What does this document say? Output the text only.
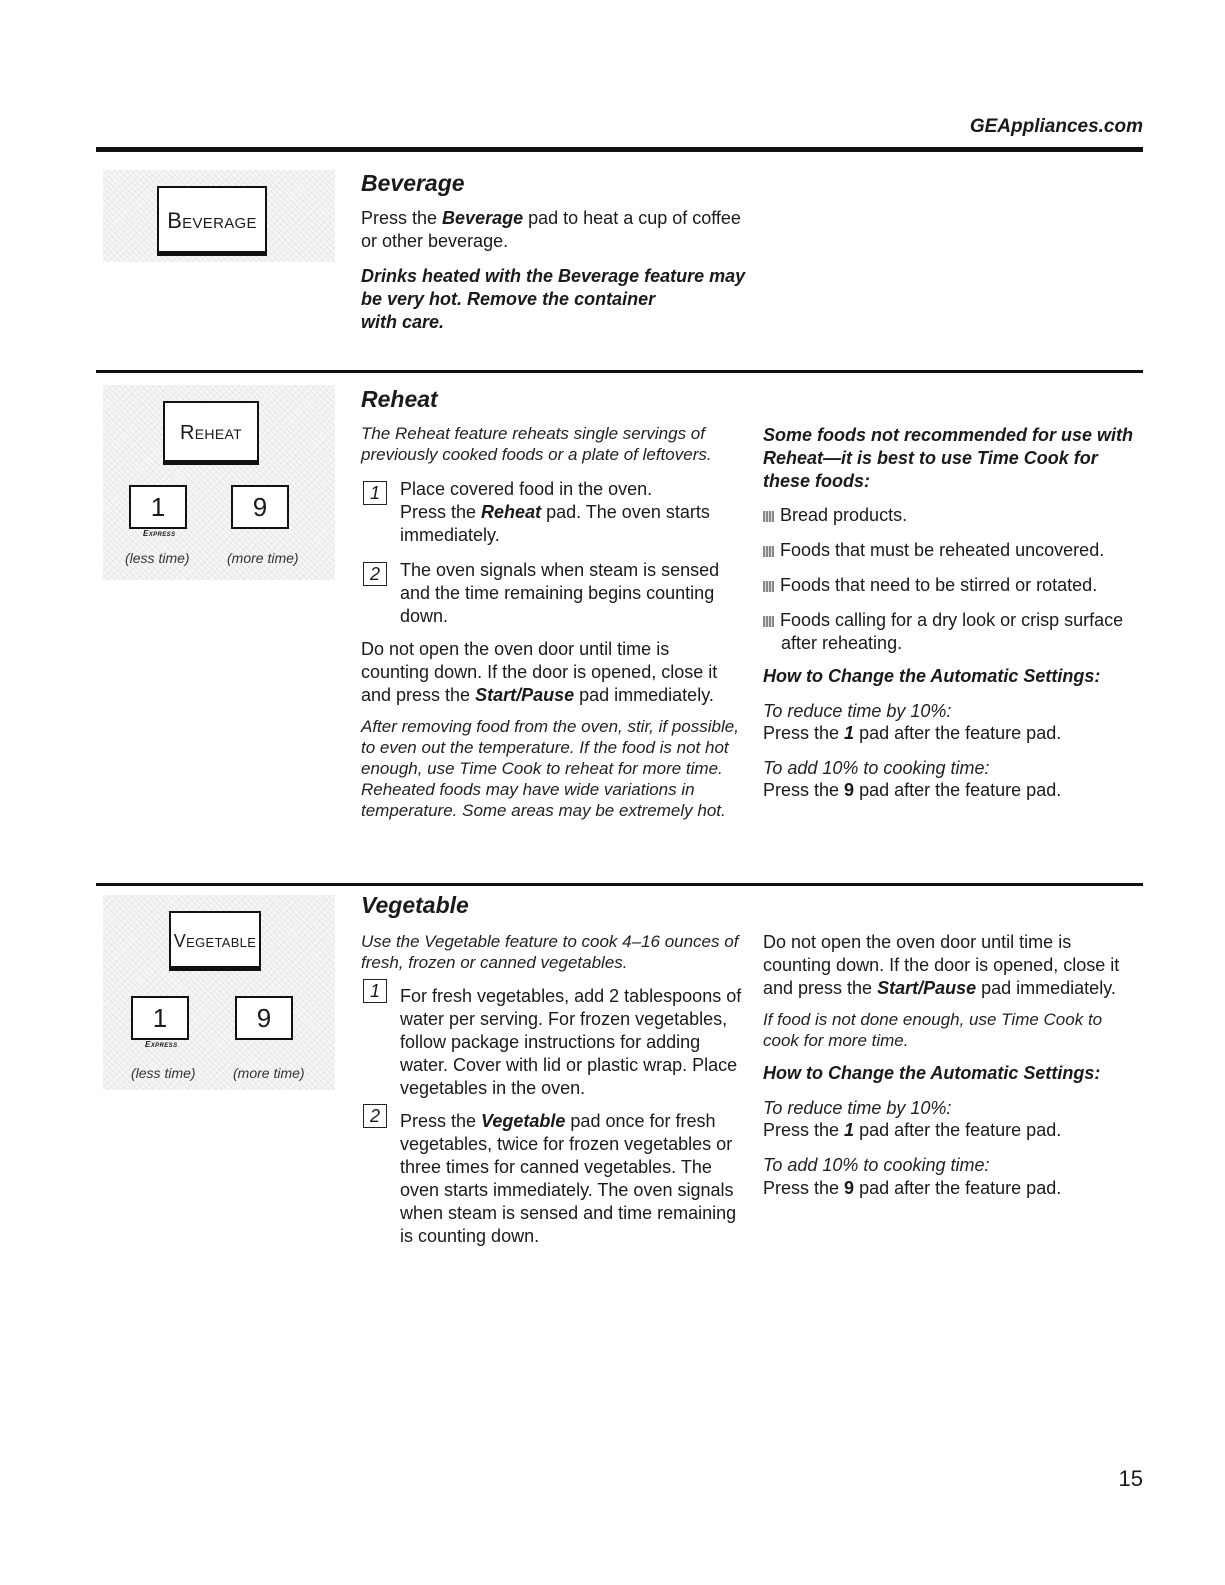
GEAppliances.com
Beverage
Beverage

Press the Beverage pad to heat a cup of coffee or other beverage.

Drinks heated with the Beverage feature may
be very hot. Remove the container
with care.

Reheat
1	9
Express
(less time)	(more time)
Reheat

The Reheat feature reheats single servings of previously cooked foods or a plate of leftovers.

1	Place covered food in the oven.
Press the Reheat pad. The oven starts immediately.

2	The oven signals when steam is sensed and the time remaining begins counting down.

Do not open the oven door until time is counting down. If the door is opened, close it and press the Start/Pause pad immediately.

After removing food from the oven, stir, if possible, to even out the temperature. If the food is not hot enough, use Time Cook to reheat for more time. Reheated foods may have wide variations in temperature. Some areas may be extremely hot.

Some foods not recommended for use with Reheat—it is best to use Time Cook for these foods:

Bread products.

Foods that must be reheated uncovered.

Foods that need to be stirred or rotated.

Foods calling for a dry look or crisp surface after reheating.

How to Change the Automatic Settings:

To reduce time by 10%:

Press the 1 pad after the feature pad.

To add 10% to cooking time:

Press the 9 pad after the feature pad.

Vegetable
1	9
Express
(less time)	(more time)
Vegetable

Use the Vegetable feature to cook 4–16 ounces of fresh, frozen or canned vegetables.

1	For fresh vegetables, add 2 tablespoons of water per serving. For frozen vegetables, follow package instructions for adding water. Cover with lid or plastic wrap. Place vegetables in the oven.

2	Press the Vegetable pad once for fresh vegetables, twice for frozen vegetables or three times for canned vegetables. The oven starts immediately. The oven signals when steam is sensed and time remaining is counting down.

Do not open the oven door until time is counting down. If the door is opened, close it and press the Start/Pause pad immediately.

If food is not done enough, use Time Cook to cook for more time.

How to Change the Automatic Settings:

To reduce time by 10%:

Press the 1 pad after the feature pad.

To add 10% to cooking time:

Press the 9 pad after the feature pad.

15
